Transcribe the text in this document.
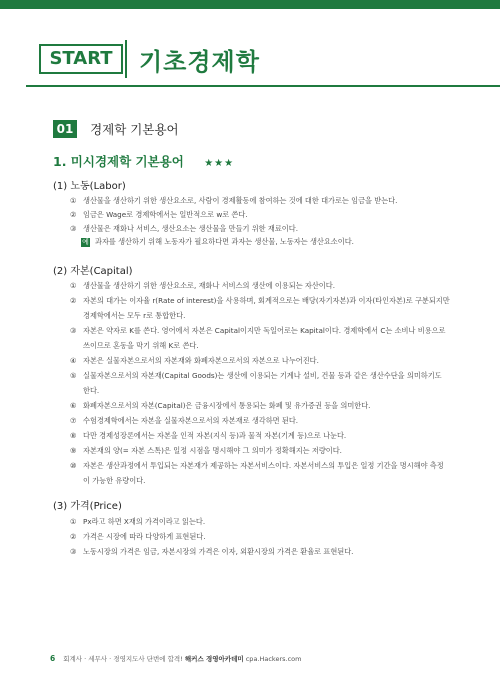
START	기초경제학
01 경제학 기본용어
1. 미시경제학 기본용어 ★★★
(1) 노동(Labor)
① 생산물을 생산하기 위한 생산요소로, 사람이 경제활동에 참여하는 것에 대한 대가로는 임금을 받는다.
② 임금은 Wage로 경제학에서는 일반적으로 w로 쓴다.
③ 생산물은 재화나 서비스, 생산요소는 생산물을 만들기 위한 재료이다.
예 과자를 생산하기 위해 노동자가 필요하다면 과자는 생산물, 노동자는 생산요소이다.
(2) 자본(Capital)
① 생산물을 생산하기 위한 생산요소로, 재화나 서비스의 생산에 이용되는 자산이다.
② 자본의 대가는 이자율 r(Rate of interest)을 사용하며, 회계적으로는 배당(자기자본)과 이자(타인자본)로 구분되지만 경제학에서는 모두 r로 통합한다.
③ 자본은 약자로 K를 쓴다. 영어에서 자본은 Capital이지만 독일어로는 Kapital이다. 경제학에서 C는 소비나 비용으로 쓰이므로 혼동을 막기 위해 K로 쓴다.
④ 자본은 실물자본으로서의 자본재와 화폐자본으로서의 자본으로 나누어진다.
⑤ 실물자본으로서의 자본재(Capital Goods)는 생산에 이용되는 기계나 설비, 건물 등과 같은 생산수단을 의미하기도 한다.
⑥ 화폐자본으로서의 자본(Capital)은 금융시장에서 통용되는 화폐 및 유가증권 등을 의미한다.
⑦ 수험경제학에서는 자본을 실물자본으로서의 자본재로 생각하면 된다.
⑧ 다만 경제성장론에서는 자본을 인적 자본(지식 등)과 물적 자본(기계 등)으로 나눈다.
⑨ 자본재의 양(= 자본 스톡)은 일정 시점을 명시해야 그 의미가 정확해지는 저량이다.
⑩ 자본은 생산과정에서 투입되는 자본재가 제공하는 자본서비스이다. 자본서비스의 투입은 일정 기간을 명시해야 측정이 가능한 유량이다.
(3) 가격(Price)
① Px라고 하면 X재의 가격이라고 읽는다.
② 가격은 시장에 따라 다양하게 표현된다.
③ 노동시장의 가격은 임금, 자본시장의 가격은 이자, 외환시장의 가격은 환율로 표현된다.
6 회계사 · 세무사 · 경영지도사 단번에 합격! 해커스 경영아카데미 cpa.Hackers.com
